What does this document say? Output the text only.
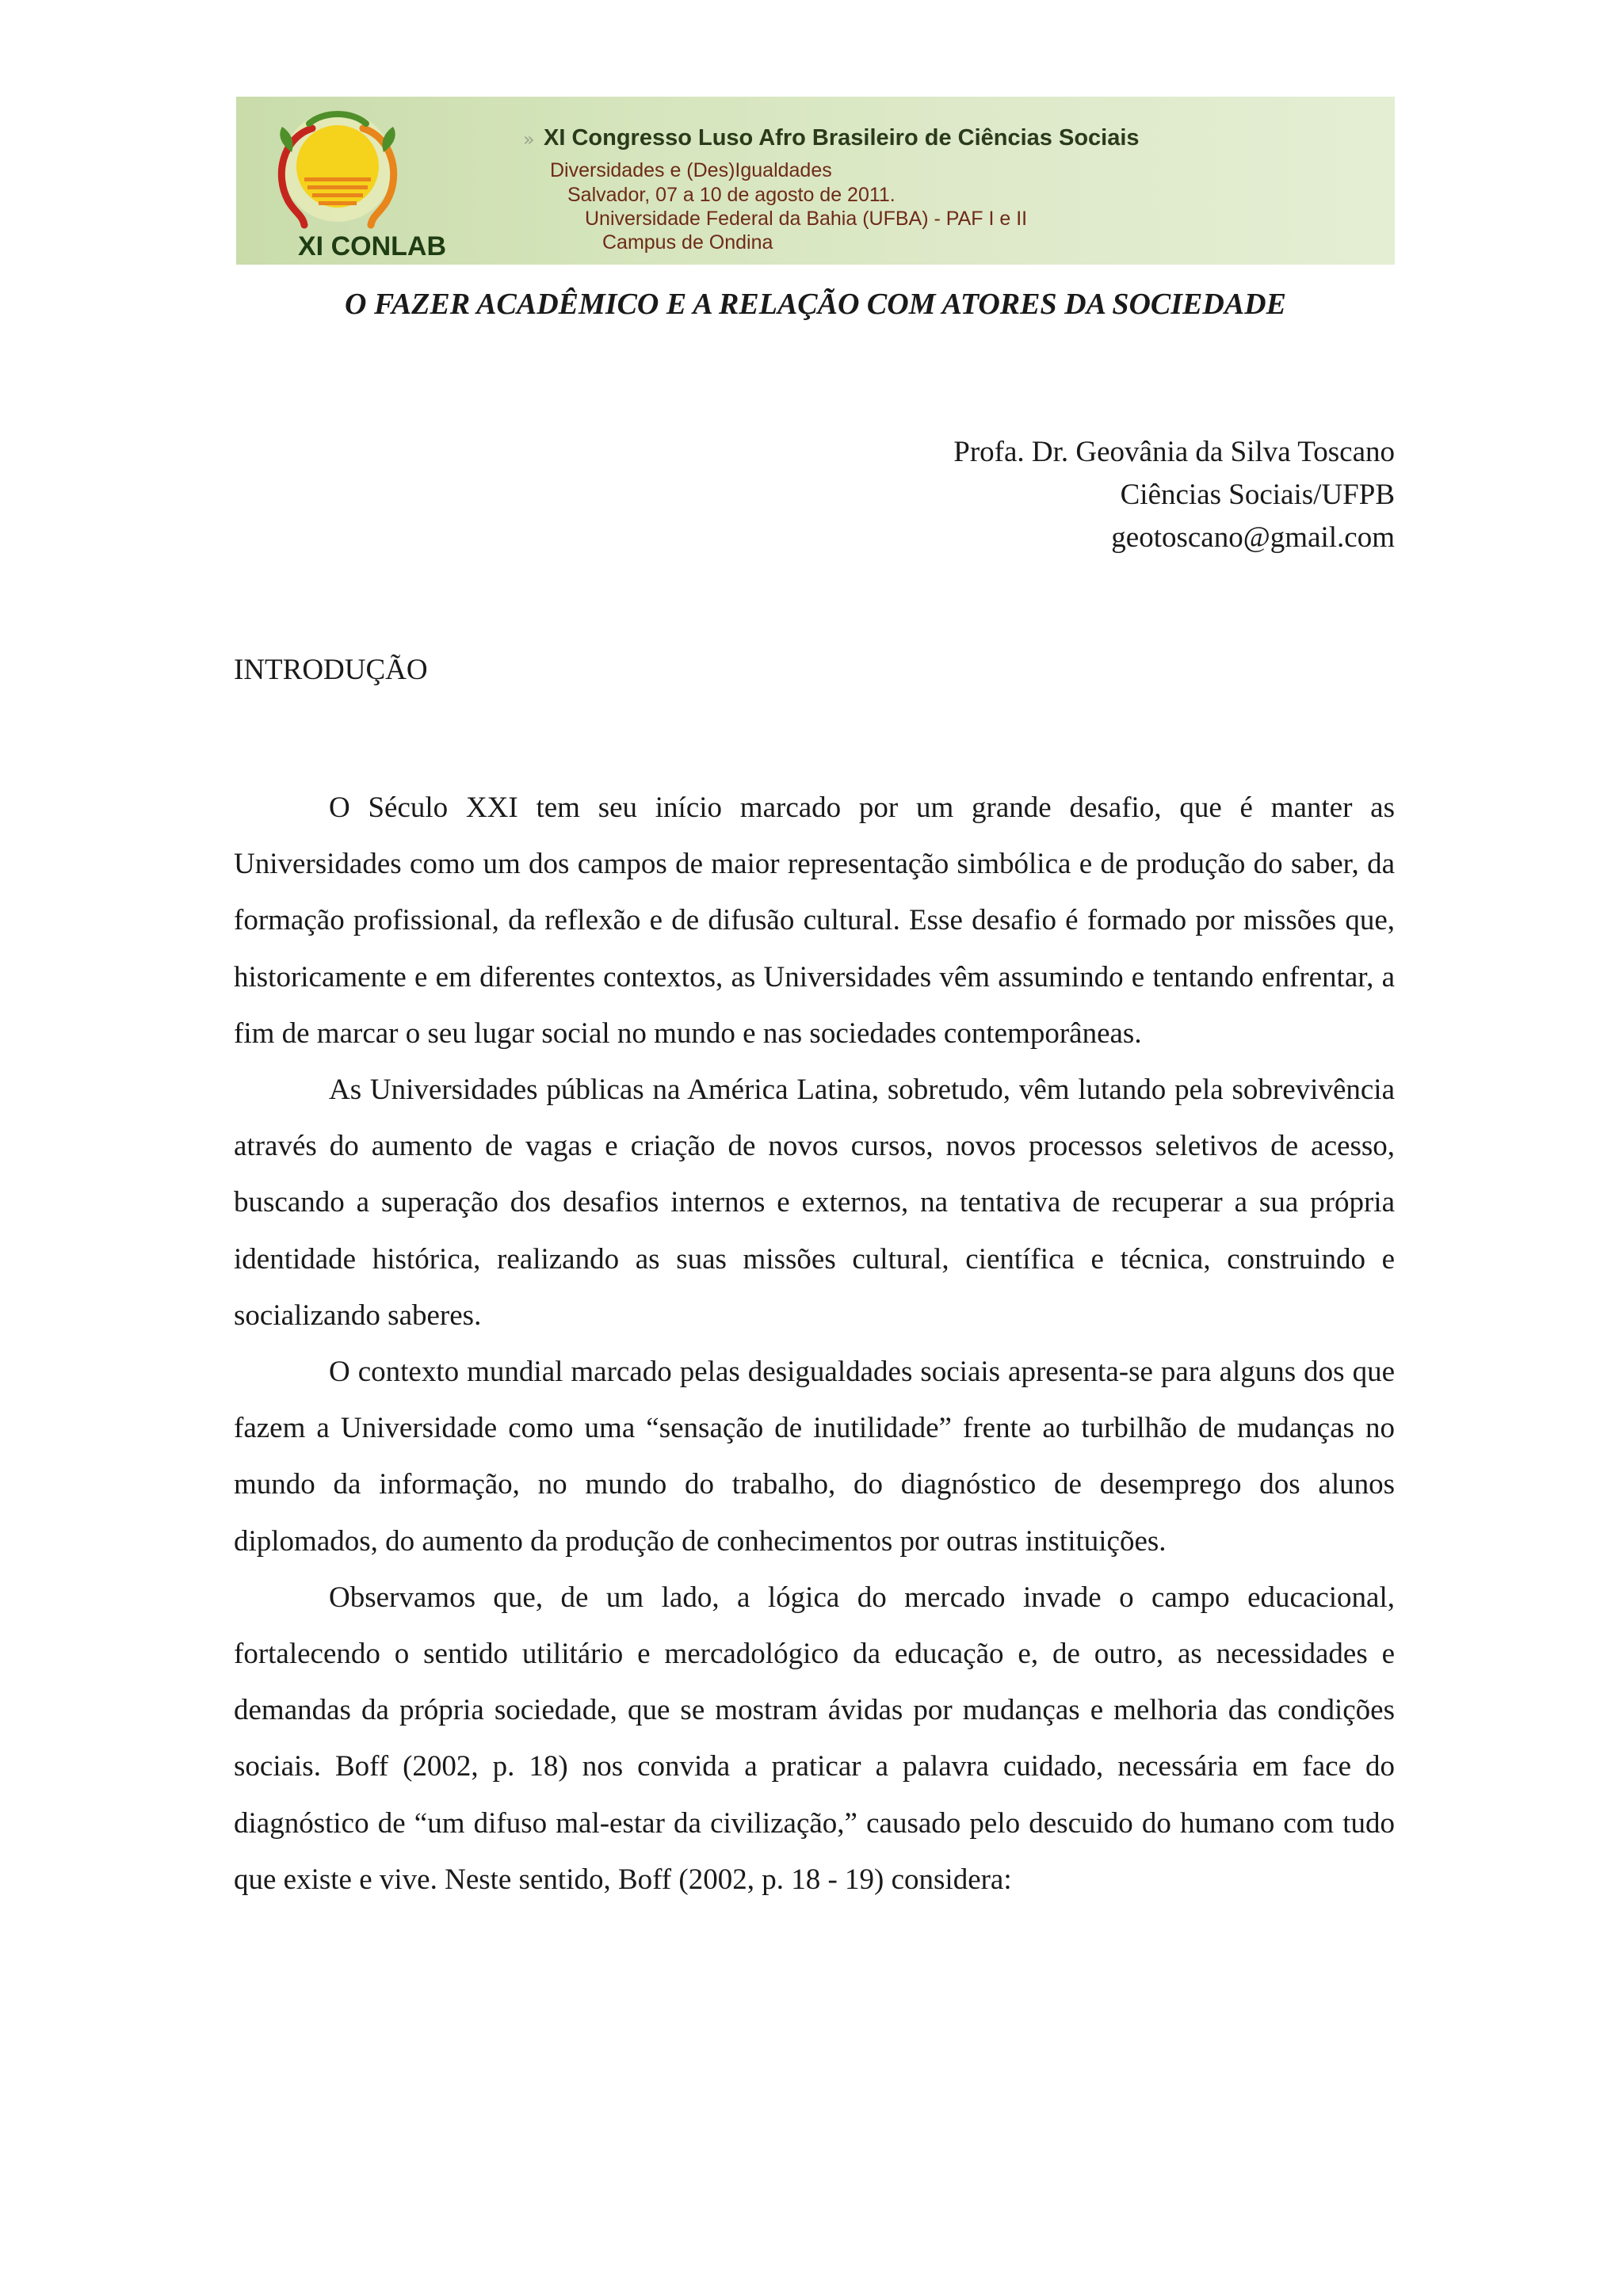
XI CONLAB
» XI Congresso Luso Afro Brasileiro de Ciências Sociais
Diversidades e (Des)Igualdades
Salvador, 07 a 10 de agosto de 2011.
Universidade Federal da Bahia (UFBA) - PAF I e II
Campus de Ondina
O FAZER ACADÊMICO E A RELAÇÃO COM ATORES DA SOCIEDADE
Profa. Dr. Geovânia da Silva Toscano
Ciências Sociais/UFPB
geotoscano@gmail.com
INTRODUÇÃO

O Século XXI tem seu início marcado por um grande desafio, que é manter as Universidades como um dos campos de maior representação simbólica e de produção do saber, da formação profissional, da reflexão e de difusão cultural. Esse desafio é formado por missões que, historicamente e em diferentes contextos, as Universidades vêm assumindo e tentando enfrentar, a fim de marcar o seu lugar social no mundo e nas sociedades contemporâneas.

As Universidades públicas na América Latina, sobretudo, vêm lutando pela sobrevivência através do aumento de vagas e criação de novos cursos, novos processos seletivos de acesso, buscando a superação dos desafios internos e externos, na tentativa de recuperar a sua própria identidade histórica, realizando as suas missões cultural, científica e técnica, construindo e socializando saberes.

O contexto mundial marcado pelas desigualdades sociais apresenta-se para alguns dos que fazem a Universidade como uma “sensação de inutilidade” frente ao turbilhão de mudanças no mundo da informação, no mundo do trabalho, do diagnóstico de desemprego dos alunos diplomados, do aumento da produção de conhecimentos por outras instituições.

Observamos que, de um lado, a lógica do mercado invade o campo educacional, fortalecendo o sentido utilitário e mercadológico da educação e, de outro, as necessidades e demandas da própria sociedade, que se mostram ávidas por mudanças e melhoria das condições sociais. Boff (2002, p. 18) nos convida a praticar a palavra cuidado, necessária em face do diagnóstico de “um difuso mal-estar da civilização,” causado pelo descuido do humano com tudo que existe e vive. Neste sentido, Boff (2002, p. 18 - 19) considera:
